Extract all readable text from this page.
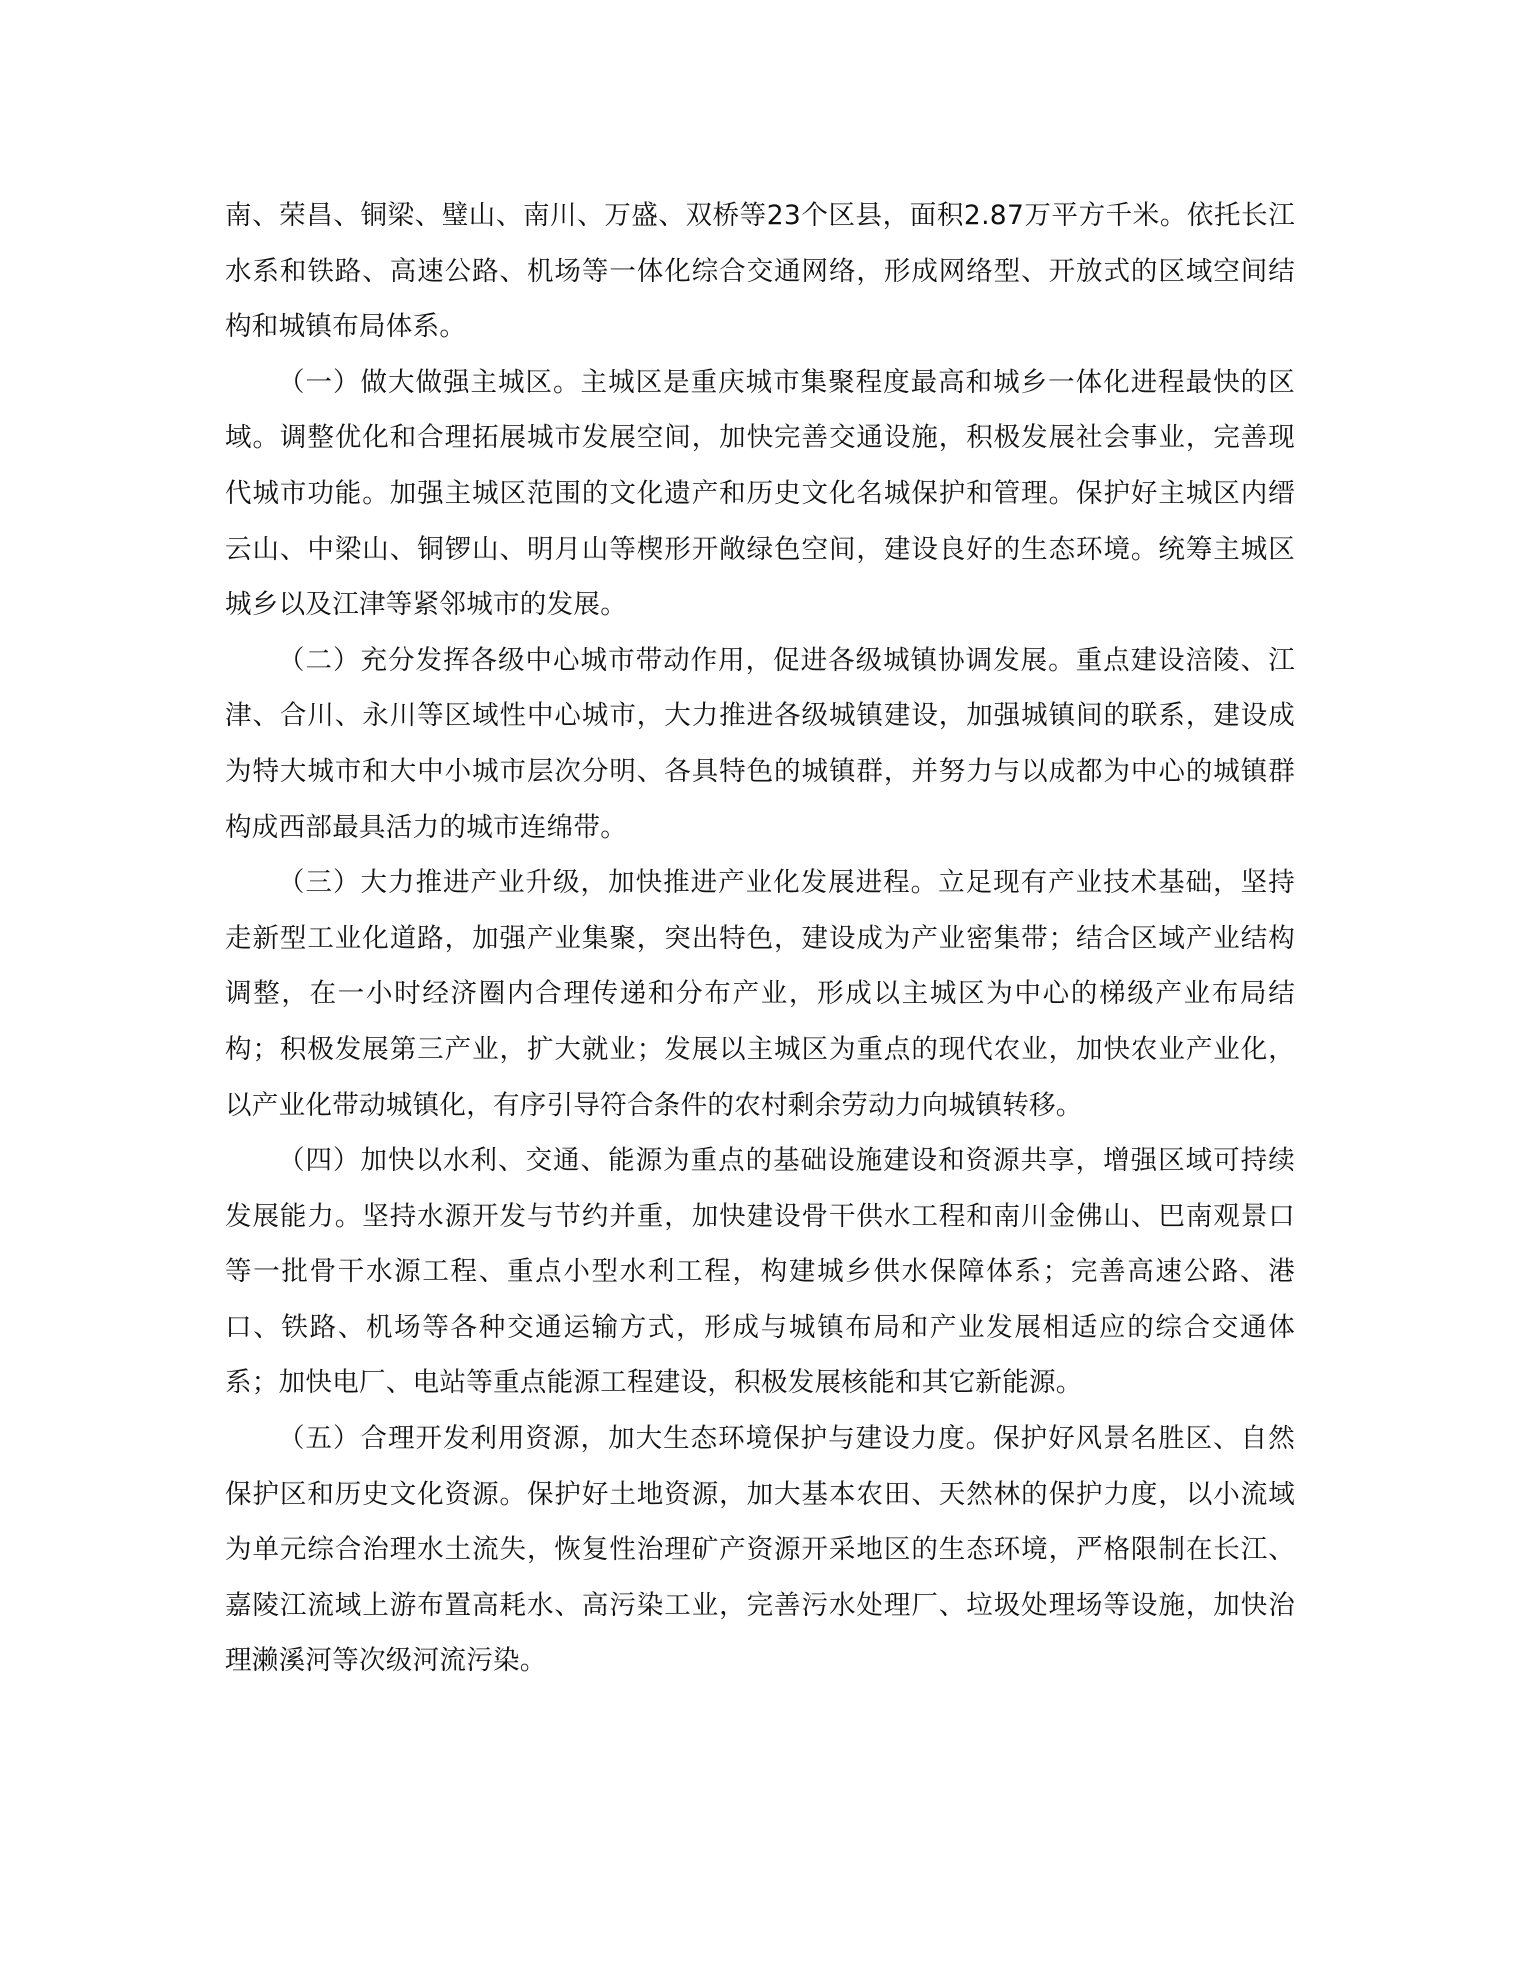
南、荣昌、铜梁、璧山、南川、万盛、双桥等23个区县，面积2.87万平方千米。依托长江水系和铁路、高速公路、机场等一体化综合交通网络，形成网络型、开放式的区域空间结构和城镇布局体系。

（一）做大做强主城区。主城区是重庆城市集聚程度最高和城乡一体化进程最快的区域。调整优化和合理拓展城市发展空间，加快完善交通设施，积极发展社会事业，完善现代城市功能。加强主城区范围的文化遗产和历史文化名城保护和管理。保护好主城区内缙云山、中梁山、铜锣山、明月山等楔形开敞绿色空间，建设良好的生态环境。统筹主城区城乡以及江津等紧邻城市的发展。

（二）充分发挥各级中心城市带动作用，促进各级城镇协调发展。重点建设涪陵、江津、合川、永川等区域性中心城市，大力推进各级城镇建设，加强城镇间的联系，建设成为特大城市和大中小城市层次分明、各具特色的城镇群，并努力与以成都为中心的城镇群构成西部最具活力的城市连绵带。

（三）大力推进产业升级，加快推进产业化发展进程。立足现有产业技术基础，坚持走新型工业化道路，加强产业集聚，突出特色，建设成为产业密集带；结合区域产业结构调整，在一小时经济圈内合理传递和分布产业，形成以主城区为中心的梯级产业布局结构；积极发展第三产业，扩大就业；发展以主城区为重点的现代农业，加快农业产业化，以产业化带动城镇化，有序引导符合条件的农村剩余劳动力向城镇转移。

（四）加快以水利、交通、能源为重点的基础设施建设和资源共享，增强区域可持续发展能力。坚持水源开发与节约并重，加快建设骨干供水工程和南川金佛山、巴南观景口等一批骨干水源工程、重点小型水利工程，构建城乡供水保障体系；完善高速公路、港口、铁路、机场等各种交通运输方式，形成与城镇布局和产业发展相适应的综合交通体系；加快电厂、电站等重点能源工程建设，积极发展核能和其它新能源。

（五）合理开发利用资源，加大生态环境保护与建设力度。保护好风景名胜区、自然保护区和历史文化资源。保护好土地资源，加大基本农田、天然林的保护力度，以小流域为单元综合治理水土流失，恢复性治理矿产资源开采地区的生态环境，严格限制在长江、嘉陵江流域上游布置高耗水、高污染工业，完善污水处理厂、垃圾处理场等设施，加快治理濑溪河等次级河流污染。
